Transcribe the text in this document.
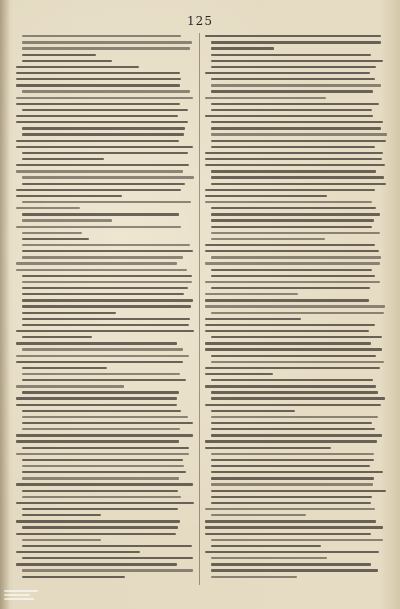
125
